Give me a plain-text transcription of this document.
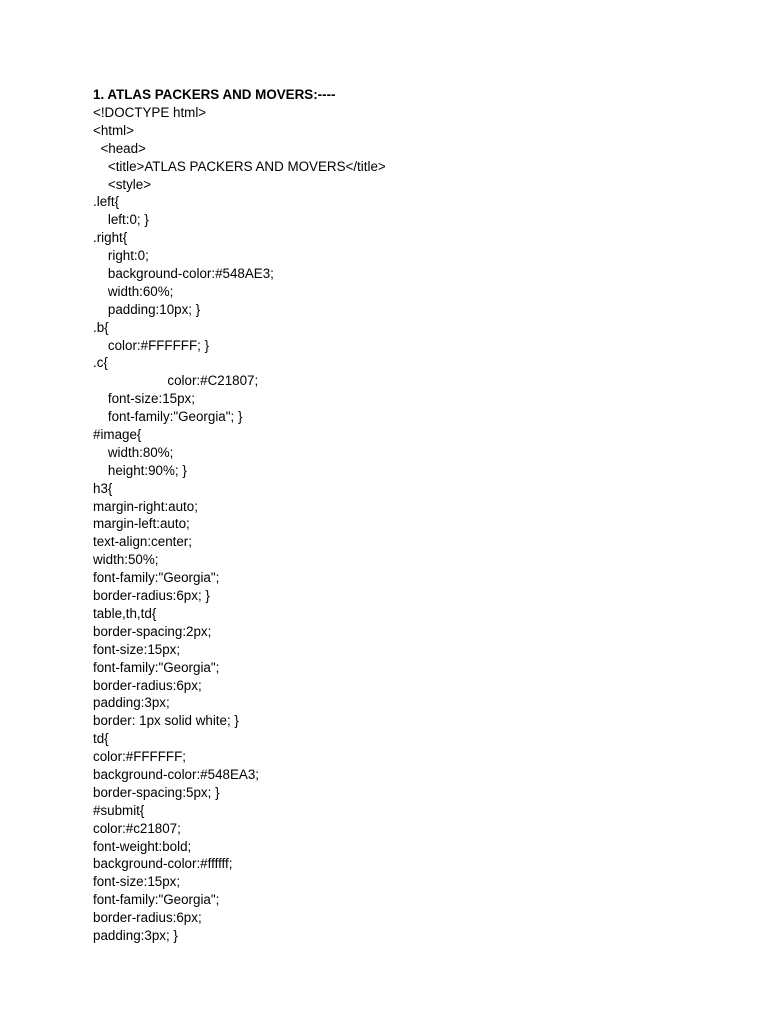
1. ATLAS PACKERS AND MOVERS:----
<!DOCTYPE html>
<html>
<head>
<title>ATLAS PACKERS AND MOVERS</title>
<style>
.left{
left:0; }
.right{
right:0;
background-color:#548AE3;
width:60%;
padding:10px; }
.b{
color:#FFFFFF; }
.c{
color:#C21807;
font-size:15px;
font-family:"Georgia"; }
#image{
width:80%;
height:90%; }
h3{
margin-right:auto;
margin-left:auto;
text-align:center;
width:50%;
font-family:"Georgia";
border-radius:6px; }
table,th,td{
border-spacing:2px;
font-size:15px;
font-family:"Georgia";
border-radius:6px;
padding:3px;
border: 1px solid white; }
td{
color:#FFFFFF;
background-color:#548EA3;
border-spacing:5px; }
#submit{
color:#c21807;
font-weight:bold;
background-color:#ffffff;
font-size:15px;
font-family:"Georgia";
border-radius:6px;
padding:3px; }
